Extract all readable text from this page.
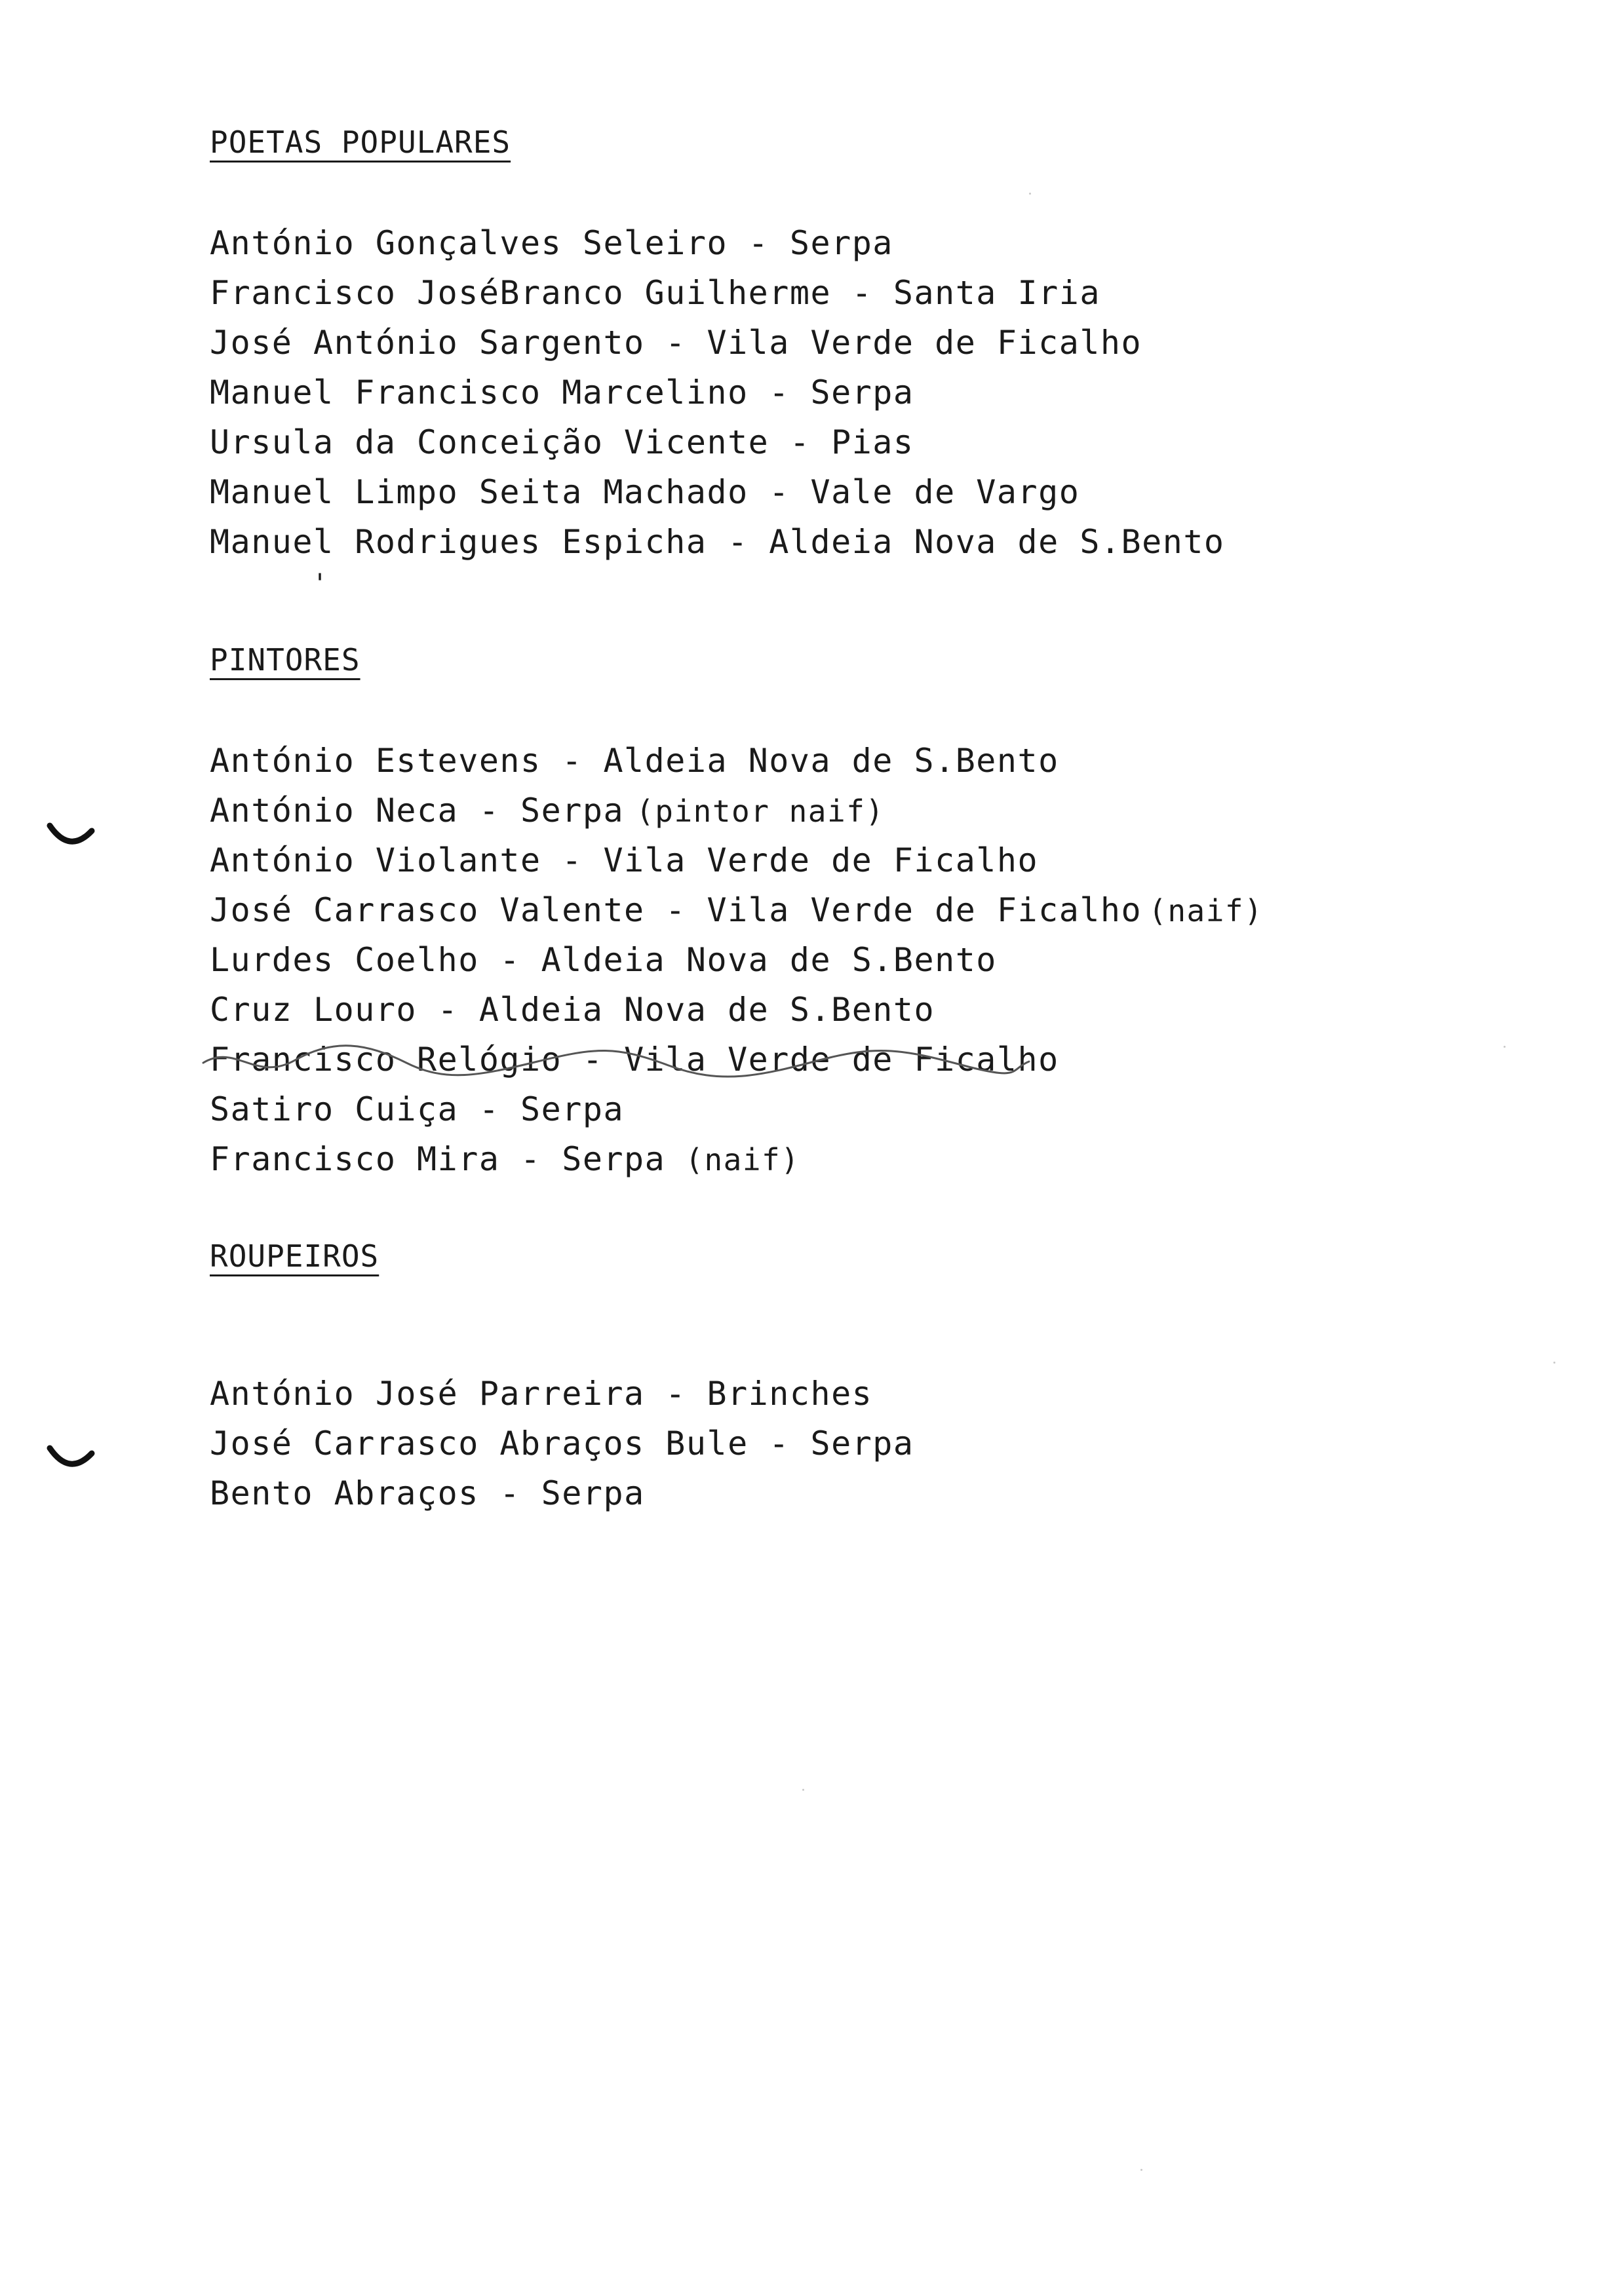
POETAS POPULARES
António Gonçalves Seleiro - Serpa
Francisco JoséBranco Guilherme - Santa Iria
José António Sargento - Vila Verde de Ficalho
Manuel Francisco Marcelino - Serpa
Ursula da Conceição Vicente - Pias
Manuel Limpo Seita Machado - Vale de Vargo
Manuel Rodrigues Espicha - Aldeia Nova de S.Bento
PINTORES
António Estevens - Aldeia Nova de S.Bento
António Neca - Serpa (pintor naif)
António Violante - Vila Verde de Ficalho
José Carrasco Valente - Vila Verde de Ficalho (naif)
Lurdes Coelho - Aldeia Nova de S.Bento
Cruz Louro - Aldeia Nova de S.Bento
Francisco Relógio - Vila Verde de Ficalho
Satiro Cuiça - Serpa
Francisco Mira - Serpa (naif)
ROUPEIROS
António José Parreira - Brinches
José Carrasco Abraços Bule - Serpa
Bento Abraços - Serpa
'
